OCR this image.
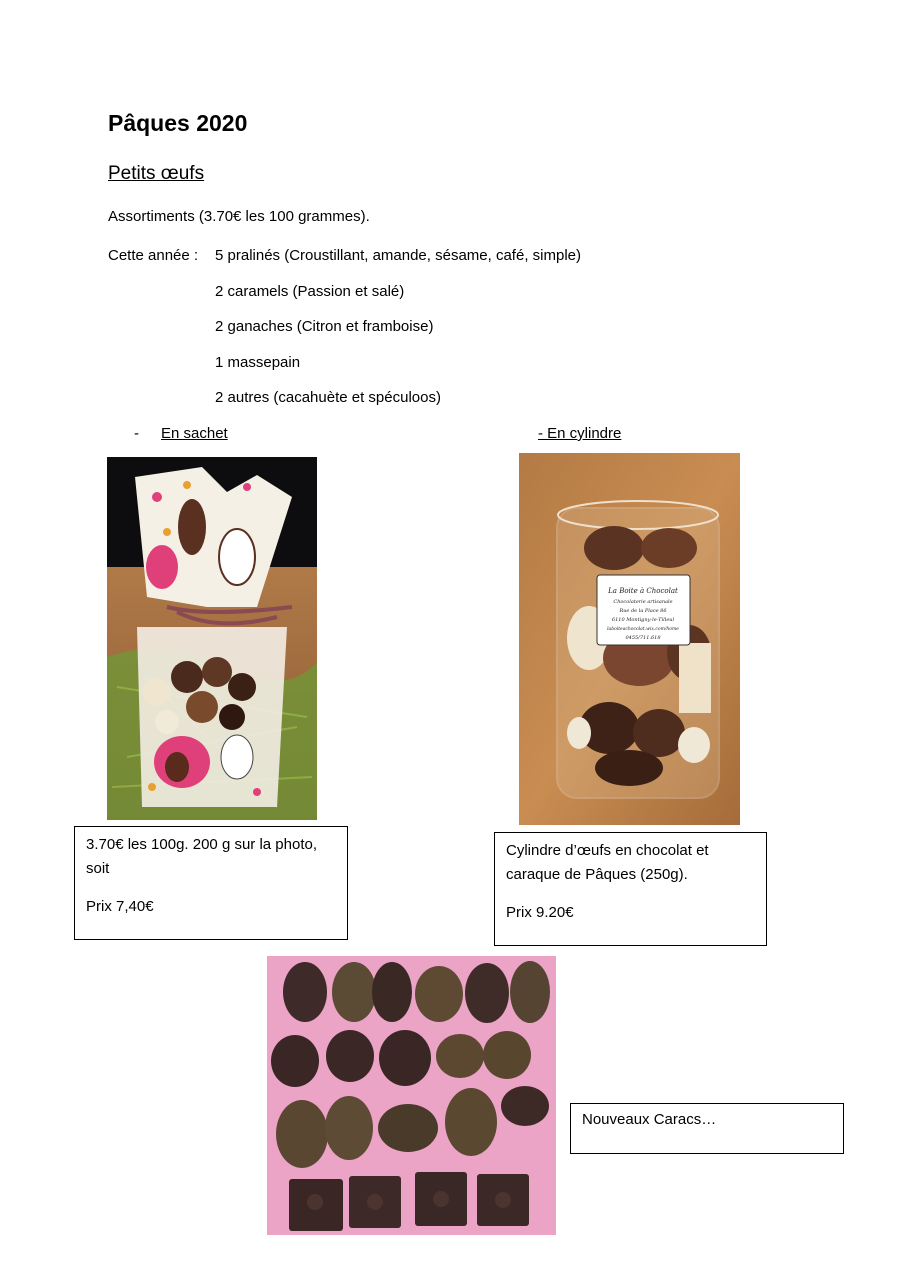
Pâques 2020
Petits œufs
Assortiments (3.70€ les 100 grammes).
Cette année : 5 pralinés (Croustillant, amande, sésame, café, simple)
2 caramels (Passion et salé)
2 ganaches (Citron et framboise)
1 massepain
2 autres (cacahuète et spéculoos)
- En sachet	- En cylindre
La Boite à Chocolat
Chocolaterie artisanale
Rue de la Place 86
6110 Montigny-le-Tilleul
laboiteachocolat.wix.com/home
0455/711.618
3.70€ les 100g. 200 g sur la photo,
soit
Prix 7,40€
Cylindre d’œufs en chocolat et
caraque de Pâques (250g).
Prix 9.20€
Nouveaux Caracs…
